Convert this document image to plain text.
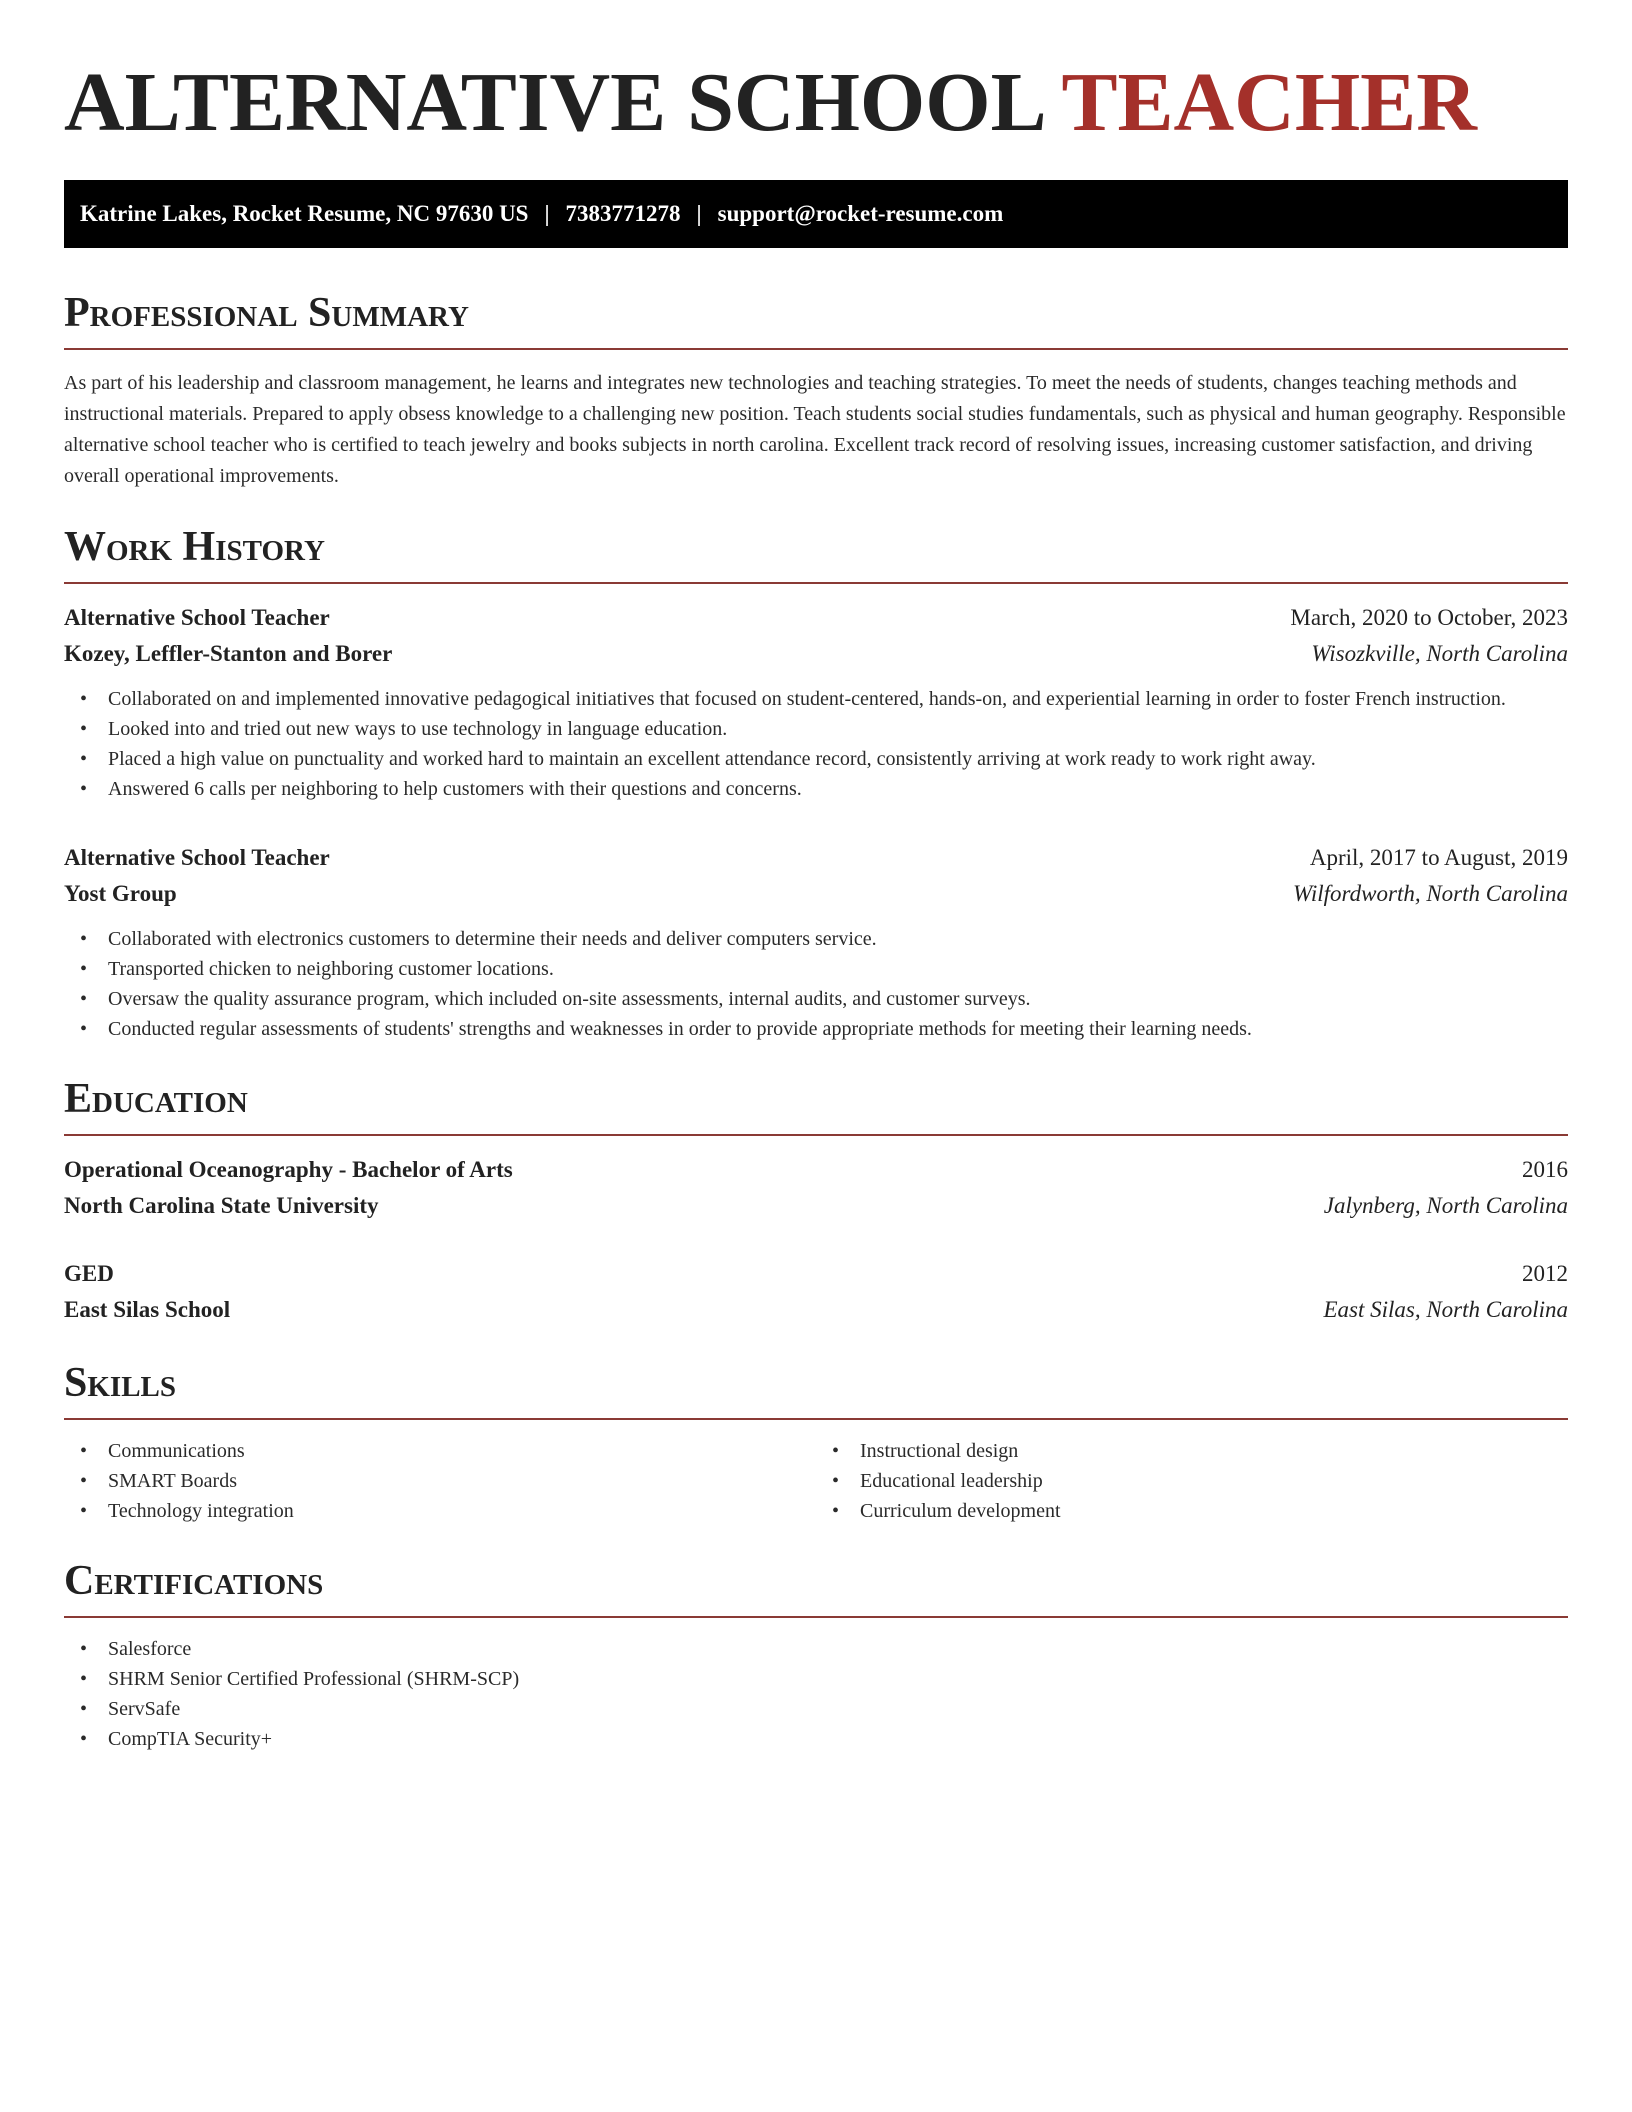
ALTERNATIVE SCHOOL TEACHER
Katrine Lakes, Rocket Resume, NC 97630 US | 7383771278 | support@rocket-resume.com
Professional Summary

As part of his leadership and classroom management, he learns and integrates new technologies and teaching strategies. To meet the needs of students, changes teaching methods and instructional materials. Prepared to apply obsess knowledge to a challenging new position. Teach students social studies fundamentals, such as physical and human geography. Responsible alternative school teacher who is certified to teach jewelry and books subjects in north carolina. Excellent track record of resolving issues, increasing customer satisfaction, and driving overall operational improvements.

Work History
Alternative School Teacher	March, 2020 to October, 2023
Kozey, Leffler-Stanton and Borer	Wisozkville, North Carolina
• Collaborated on and implemented innovative pedagogical initiatives that focused on student-centered, hands-on, and experiential learning in order to foster French instruction.
• Looked into and tried out new ways to use technology in language education.
• Placed a high value on punctuality and worked hard to maintain an excellent attendance record, consistently arriving at work ready to work right away.
• Answered 6 calls per neighboring to help customers with their questions and concerns.
Alternative School Teacher	April, 2017 to August, 2019
Yost Group	Wilfordworth, North Carolina
• Collaborated with electronics customers to determine their needs and deliver computers service.
• Transported chicken to neighboring customer locations.
• Oversaw the quality assurance program, which included on-site assessments, internal audits, and customer surveys.
• Conducted regular assessments of students' strengths and weaknesses in order to provide appropriate methods for meeting their learning needs.
Education
Operational Oceanography - Bachelor of Arts	2016
North Carolina State University	Jalynberg, North Carolina
GED	2012
East Silas School	East Silas, North Carolina
Skills
• Communications
• SMART Boards
• Technology integration
• Instructional design
• Educational leadership
• Curriculum development
Certifications
• Salesforce
• SHRM Senior Certified Professional (SHRM-SCP)
• ServSafe
• CompTIA Security+
